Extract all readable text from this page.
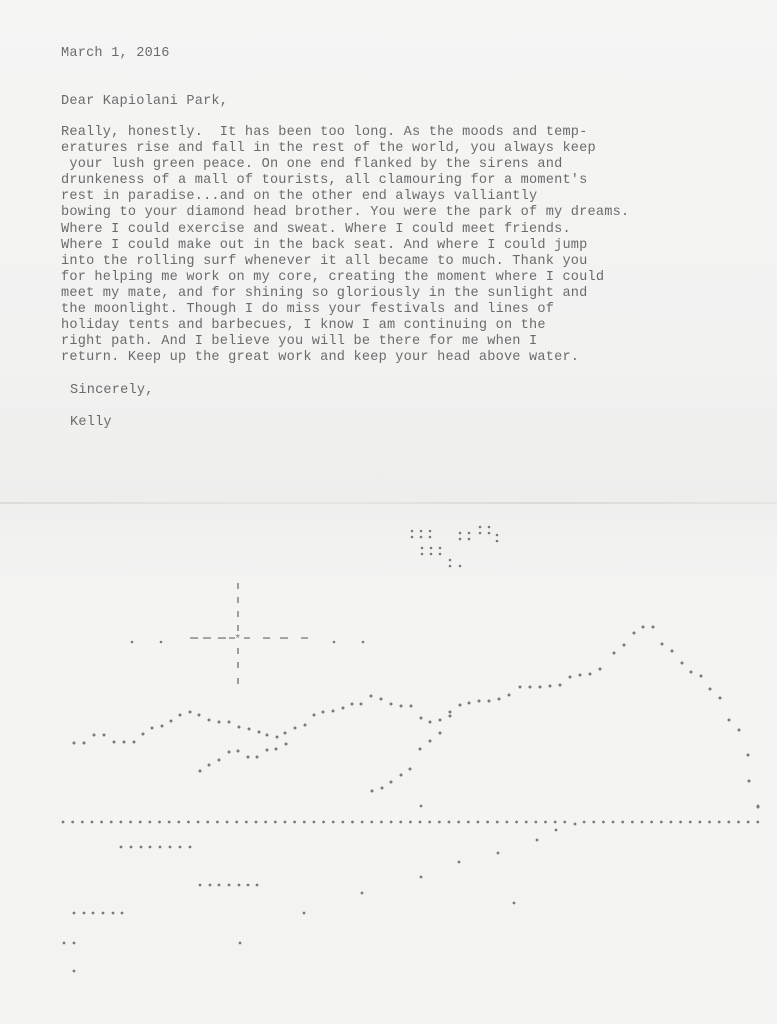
March 1, 2016
Dear Kapiolani Park,
Really, honestly.  It has been too long. As the moods and temp-
eratures rise and fall in the rest of the world, you always keep
your lush green peace. On one end flanked by the sirens and
drunkeness of a mall of tourists, all clamouring for a moment's
rest in paradise...and on the other end always valliantly
bowing to your diamond head brother. You were the park of my dreams.
Where I could exercise and sweat. Where I could meet friends.
Where I could make out in the back seat. And where I could jump
into the rolling surf whenever it all became to much. Thank you
for helping me work on my core, creating the moment where I could
meet my mate, and for shining so gloriously in the sunlight and
the moonlight. Though I do miss your festivals and lines of
holiday tents and barbecues, I know I am continuing on the
right path. And I believe you will be there for me when I
return. Keep up the great work and keep your head above water.
Sincerely,
Kelly
*
